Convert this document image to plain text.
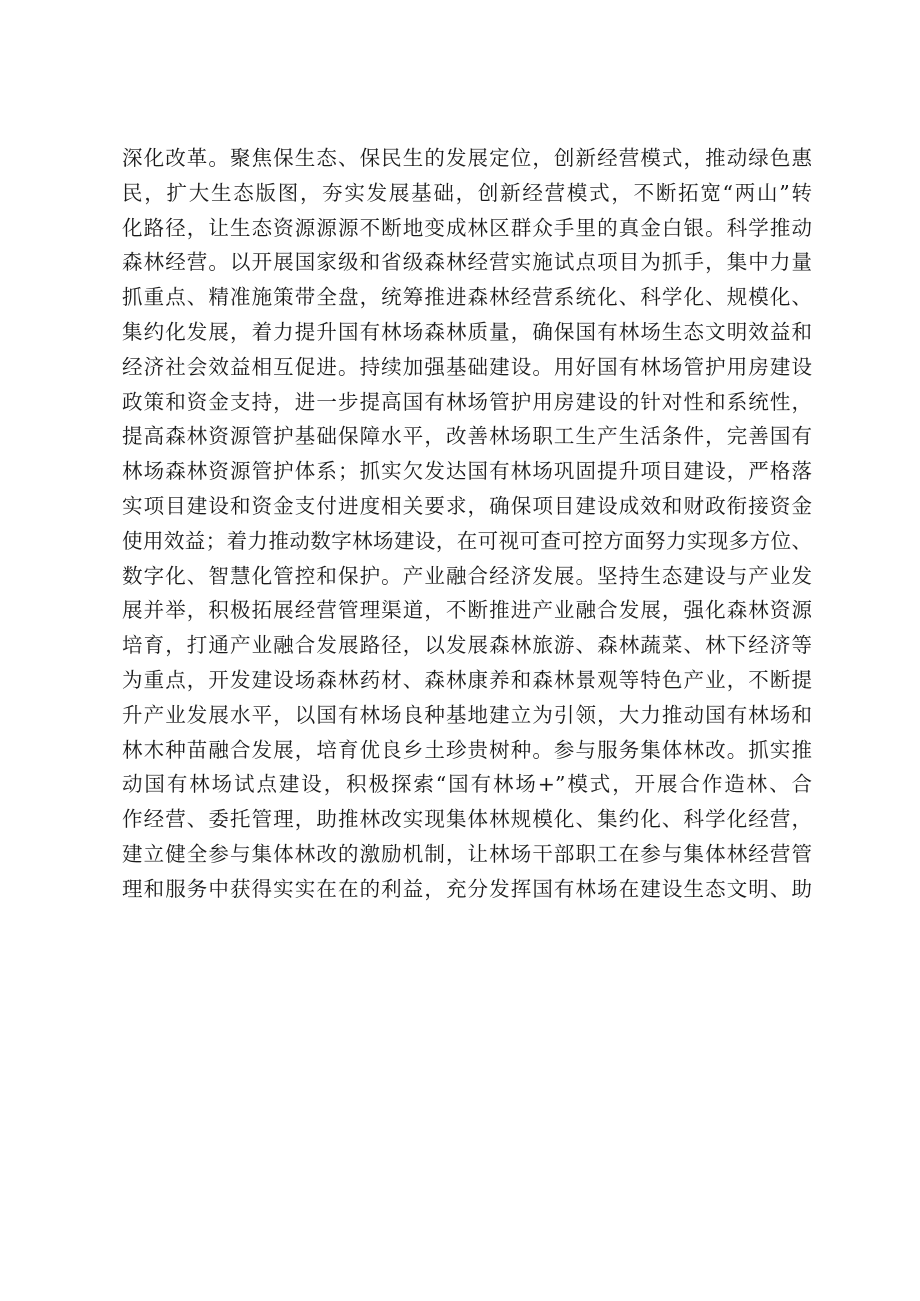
深化改革。聚焦保生态、保民生的发展定位，创新经营模式，推动绿色惠
民，扩大生态版图，夯实发展基础，创新经营模式，不断拓宽“两山”转
化路径，让生态资源源源不断地变成林区群众手里的真金白银。科学推动
森林经营。以开展国家级和省级森林经营实施试点项目为抓手，集中力量
抓重点、精准施策带全盘，统筹推进森林经营系统化、科学化、规模化、
集约化发展，着力提升国有林场森林质量，确保国有林场生态文明效益和
经济社会效益相互促进。持续加强基础建设。用好国有林场管护用房建设
政策和资金支持，进一步提高国有林场管护用房建设的针对性和系统性，
提高森林资源管护基础保障水平，改善林场职工生产生活条件，完善国有
林场森林资源管护体系；抓实欠发达国有林场巩固提升项目建设，严格落
实项目建设和资金支付进度相关要求，确保项目建设成效和财政衔接资金
使用效益；着力推动数字林场建设，在可视可查可控方面努力实现多方位、
数字化、智慧化管控和保护。产业融合经济发展。坚持生态建设与产业发
展并举，积极拓展经营管理渠道，不断推进产业融合发展，强化森林资源
培育，打通产业融合发展路径，以发展森林旅游、森林蔬菜、林下经济等
为重点，开发建设场森林药材、森林康养和森林景观等特色产业，不断提
升产业发展水平，以国有林场良种基地建立为引领，大力推动国有林场和
林木种苗融合发展，培育优良乡土珍贵树种。参与服务集体林改。抓实推
动国有林场试点建设，积极探索“国有林场+”模式，开展合作造林、合
作经营、委托管理，助推林改实现集体林规模化、集约化、科学化经营，
建立健全参与集体林改的激励机制，让林场干部职工在参与集体林经营管
理和服务中获得实实在在的利益，充分发挥国有林场在建设生态文明、助
